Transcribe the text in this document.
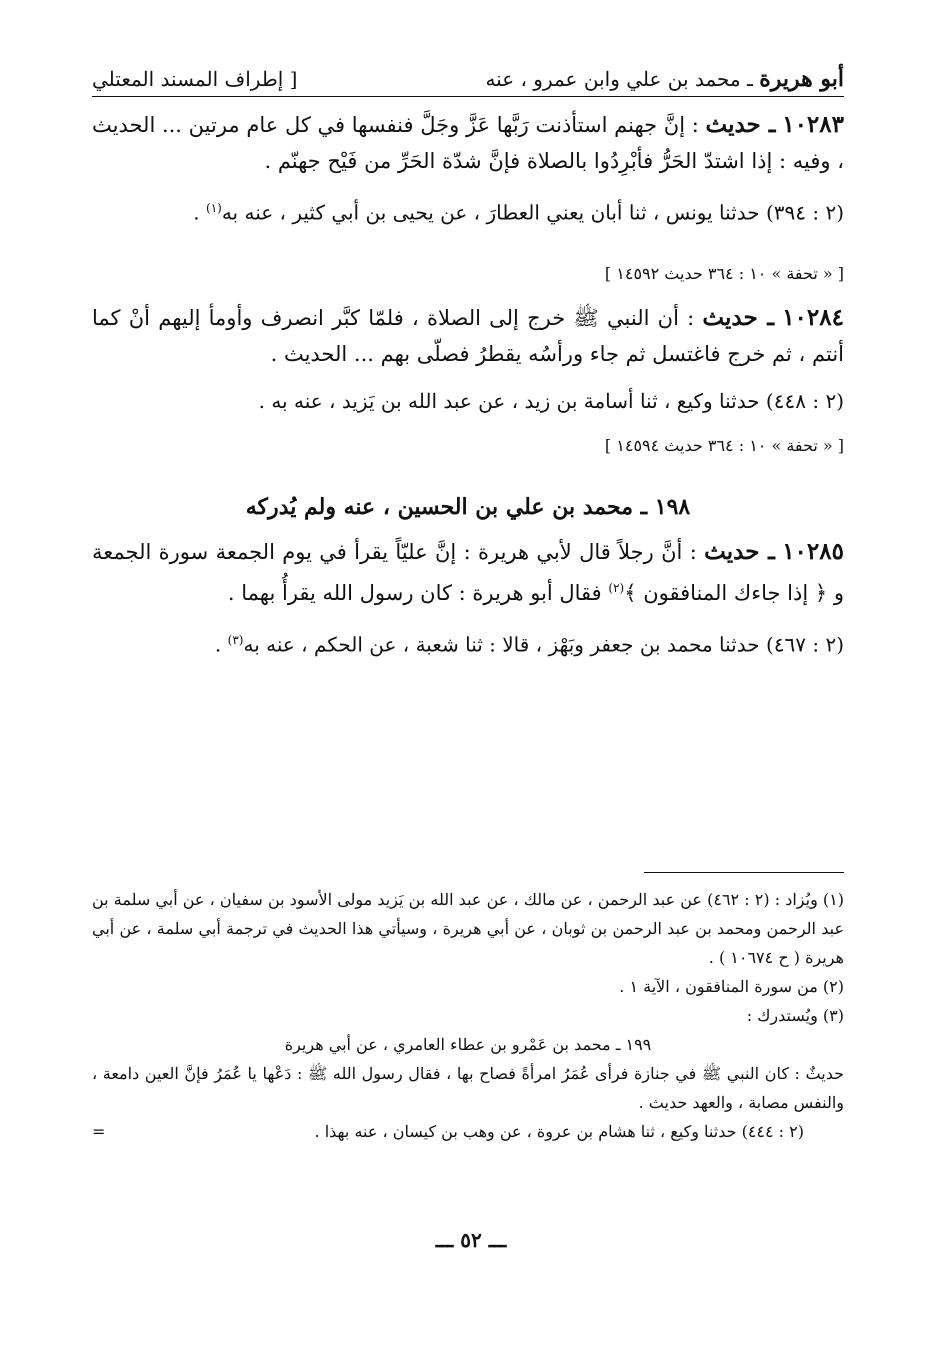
أبو هريرة ـ محمد بن علي وابن عمرو ، عنه
[ إطراف المسند المعتلي
١٠٢٨٣ ـ حديث : إنَّ جهنم استأذنت رَبَّها عَزَّ وجَلَّ فنفسها في كل عام مرتين ... الحديث ، وفيه : إذا اشتدّ الحَرُّ فأبْرِدُوا بالصلاة فإنَّ شدّة الحَرِّ من فَيْح جهنّم .
(٢ : ٣٩٤) حدثنا يونس ، ثنا أبان يعني العطارَ ، عن يحيى بن أبي كثير ، عنه به$^{(١)}$ .
[ « تحفة » ١٠ : ٣٦٤ حديث ١٤٥٩٢ ]
١٠٢٨٤ ـ حديث : أن النبي ﷺ خرج إلى الصلاة ، فلمّا كبَّر انصرف وأومأ إليهم أنْ كما أنتم ، ثم خرج فاغتسل ثم جاء ورأسُه يقطرُ فصلّى بهم ... الحديث .
(٢ : ٤٤٨) حدثنا وكيع ، ثنا أسامة بن زيد ، عن عبد الله بن يَزيد ، عنه به .
[ « تحفة » ١٠ : ٣٦٤ حديث ١٤٥٩٤ ]
١٩٨ ـ محمد بن علي بن الحسين ، عنه ولم يُدركه
١٠٢٨٥ ـ حديث : أنَّ رجلاً قال لأبي هريرة : إنَّ عليّاً يقرأ في يوم الجمعة سورة الجمعة و ﴿ إذا جاءك المنافقون ﴾$^{(٢)}$ فقال أبو هريرة : كان رسول الله يقرأُ بهما .
(٢ : ٤٦٧) حدثنا محمد بن جعفر وبَهْز ، قالا : ثنا شعبة ، عن الحكم ، عنه به$^{(٣)}$ .
(١) ويُزاد : (٢ : ٤٦٢) عن عبد الرحمن ، عن مالك ، عن عبد الله بن يَزيد مولى الأسود بن سفيان ، عن أبي سلمة بن عبد الرحمن ومحمد بن عبد الرحمن بن ثوبان ، عن أبي هريرة ، وسيأتي هذا الحديث في ترجمة أبي سلمة ، عن أبي هريرة ( ح ١٠٦٧٤ ) .
(٢) من سورة المنافقون ، الآية ١ .
(٣) ويُستدرك :
١٩٩ ـ محمد بن عَمْرو بن عطاء العامري ، عن أبي هريرة
حديثٌ : كان النبي ﷺ في جنازة فرأى عُمَرُ امرأةً فصاح بها ، فقال رسول الله ﷺ : دَعْها يا عُمَرُ فإنَّ العين دامعة ، والنفس مصابة ، والعهد حديث .
(٢ : ٤٤٤) حدثنا وكيع ، ثنا هشام بن عروة ، عن وهب بن كيسان ، عنه بهذا .
=
ـــ ٥٢ ـــ
